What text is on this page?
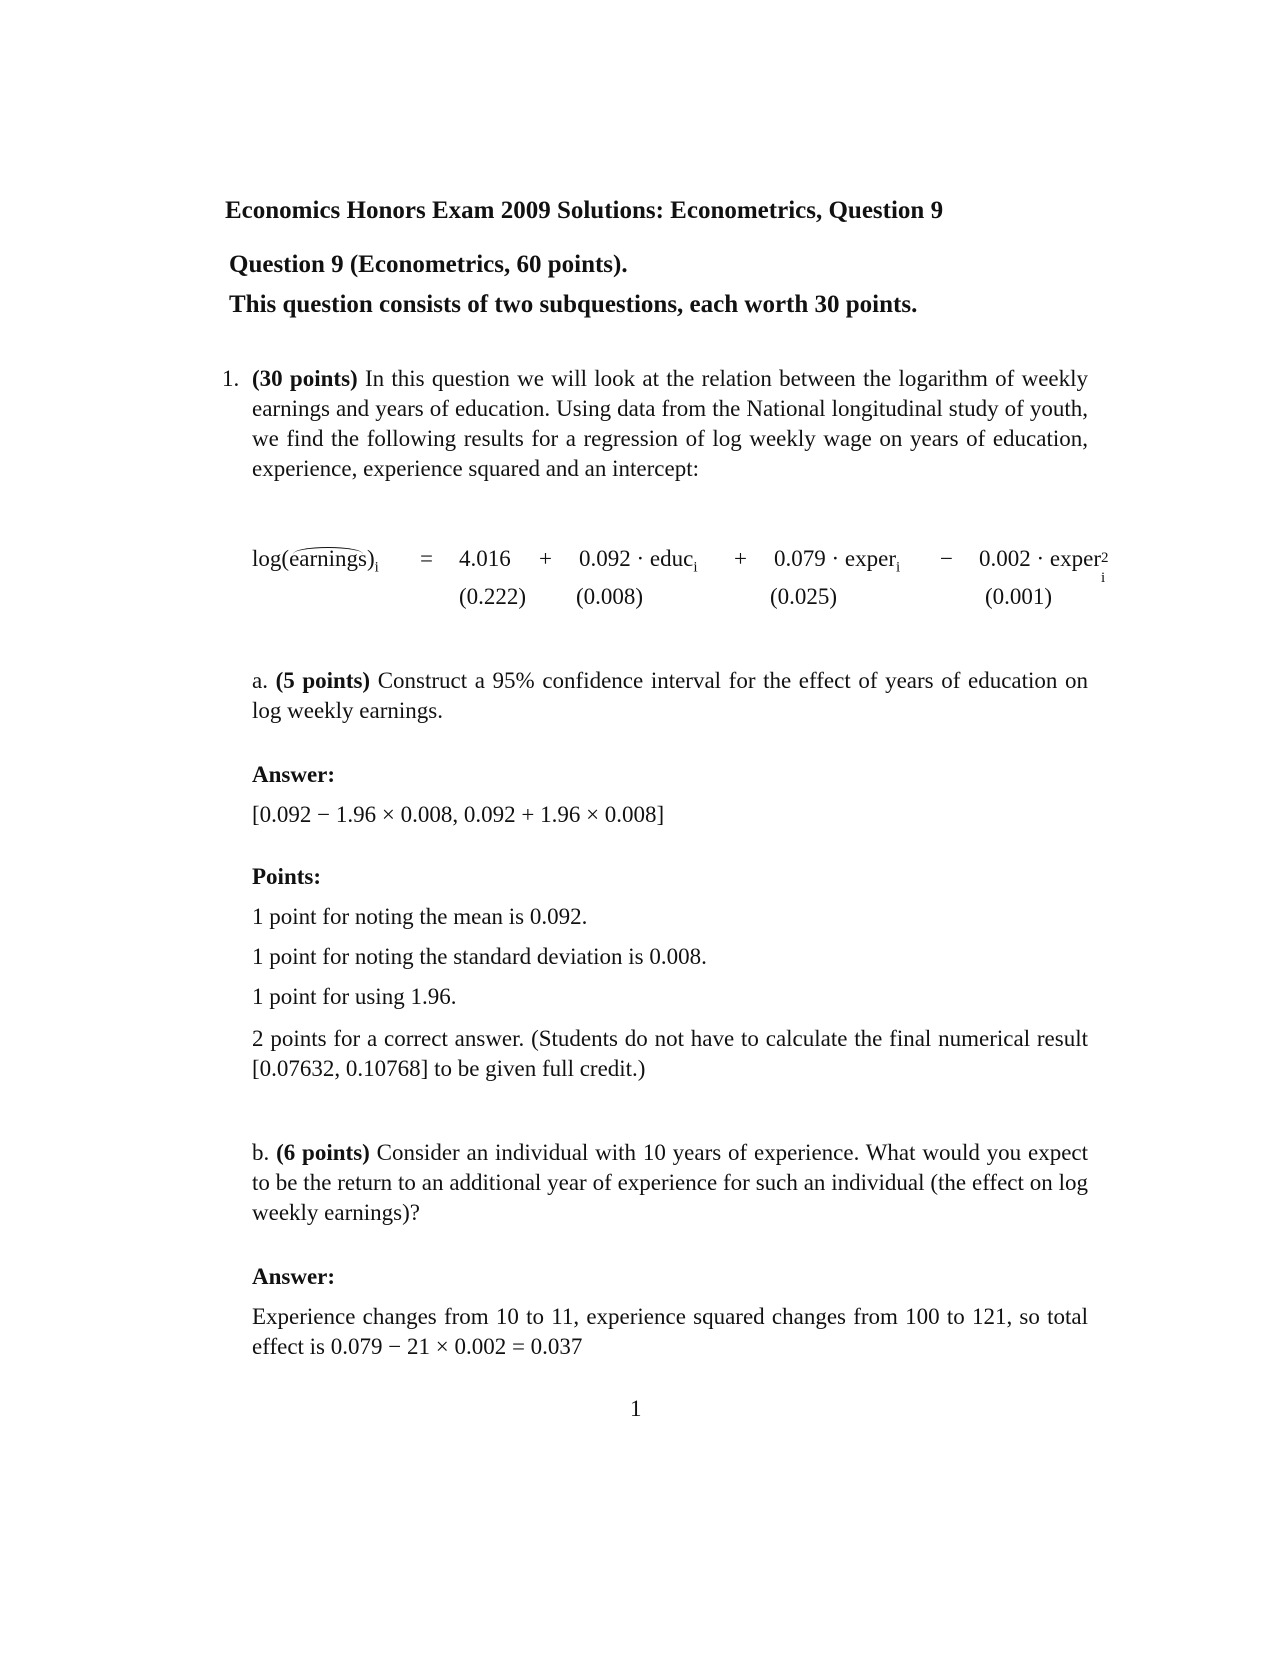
Economics Honors Exam 2009 Solutions: Econometrics, Question 9
Question 9 (Econometrics, 60 points).
This question consists of two subquestions, each worth 30 points.
1. (30 points) In this question we will look at the relation between the logarithm of weekly earnings and years of education. Using data from the National longitudinal study of youth, we find the following results for a regression of log weekly wage on years of education, experience, experience squared and an intercept:
$\log(earnings)_i = 4.016 + 0.092$ · educ$_i$ + 0.079 · exper$_i$ − 0.002 · exper 2
i
(0.222) (0.008)	(0.025)	(0.001)
a. (5 points) Construct a 95% confidence interval for the effect of years of education on log weekly earnings.
Answer:
[0.092 − 1.96 × 0.008, 0.092 + 1.96 × 0.008]
Points:
1 point for noting the mean is 0.092.
1 point for noting the standard deviation is 0.008.
1 point for using 1.96.
2 points for a correct answer. (Students do not have to calculate the final numerical result [0.07632, 0.10768] to be given full credit.)
b. (6 points) Consider an individual with 10 years of experience. What would you expect to be the return to an additional year of experience for such an individual (the effect on log weekly earnings)?
Answer:
Experience changes from 10 to 11, experience squared changes from 100 to 121, so total effect is 0.079 − 21 × 0.002 = 0.037
1
